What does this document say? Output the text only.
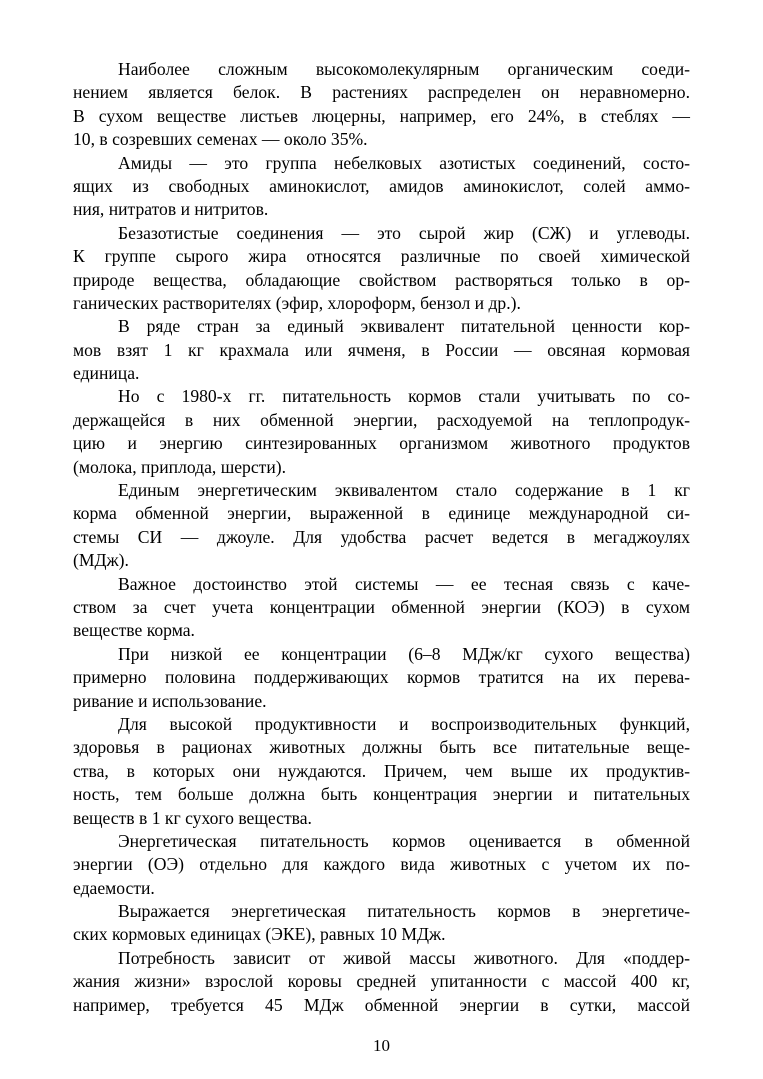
Наиболее сложным высокомолекулярным органическим соеди-
нением является белок. В растениях распределен он неравномерно.
В сухом веществе листьев люцерны, например, его 24%, в стеблях —
10, в созревших семенах — около 35%.

Амиды — это группа небелковых азотистых соединений, состо-
ящих из свободных аминокислот, амидов аминокислот, солей аммо-
ния, нитратов и нитритов.

Безазотистые соединения — это сырой жир (СЖ) и углеводы.
К группе сырого жира относятся различные по своей химической
природе вещества, обладающие свойством растворяться только в ор-
ганических растворителях (эфир, хлороформ, бензол и др.).

В ряде стран за единый эквивалент питательной ценности кор-
мов взят 1 кг крахмала или ячменя, в России — овсяная кормовая
единица.

Но с 1980-х гг. питательность кормов стали учитывать по со-
держащейся в них обменной энергии, расходуемой на теплопродук-
цию и энергию синтезированных организмом животного продуктов
(молока, приплода, шерсти).

Единым энергетическим эквивалентом стало содержание в 1 кг
корма обменной энергии, выраженной в единице международной си-
стемы СИ — джоуле. Для удобства расчет ведется в мегаджоулях
(МДж).

Важное достоинство этой системы — ее тесная связь с каче-
ством за счет учета концентрации обменной энергии (КОЭ) в сухом
веществе корма.

При низкой ее концентрации (6–8 МДж/кг сухого вещества)
примерно половина поддерживающих кормов тратится на их перева-
ривание и использование.

Для высокой продуктивности и воспроизводительных функций,
здоровья в рационах животных должны быть все питательные веще-
ства, в которых они нуждаются. Причем, чем выше их продуктив-
ность, тем больше должна быть концентрация энергии и питательных
веществ в 1 кг сухого вещества.

Энергетическая питательность кормов оценивается в обменной
энергии (ОЭ) отдельно для каждого вида животных с учетом их по-
едаемости.

Выражается энергетическая питательность кормов в энергетиче-
ских кормовых единицах (ЭКЕ), равных 10 МДж.

Потребность зависит от живой массы животного. Для «поддер-
жания жизни» взрослой коровы средней упитанности с массой 400 кг,
например, требуется 45 МДж обменной энергии в сутки, массой

10
